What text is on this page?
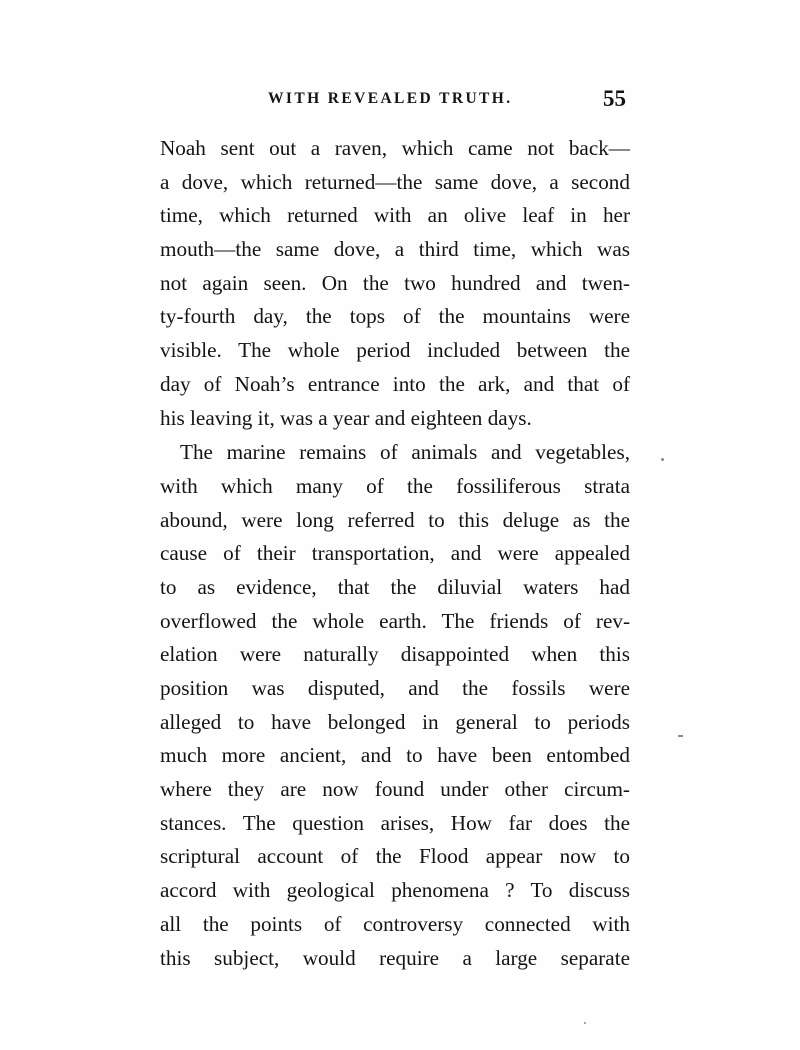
WITH REVEALED TRUTH.	55
Noah sent out a raven, which came not back—
a dove, which returned—the same dove, a second
time, which returned with an olive leaf in her
mouth—the same dove, a third time, which was
not again seen. On the two hundred and twen-
ty-fourth day, the tops of the mountains were
visible. The whole period included between the
day of Noah’s entrance into the ark, and that of
his leaving it, was a year and eighteen days.
The marine remains of animals and vegetables,
with which many of the fossiliferous strata
abound, were long referred to this deluge as the
cause of their transportation, and were appealed
to as evidence, that the diluvial waters had
overflowed the whole earth. The friends of rev-
elation were naturally disappointed when this
position was disputed, and the fossils were
alleged to have belonged in general to periods
much more ancient, and to have been entombed
where they are now found under other circum-
stances. The question arises, How far does the
scriptural account of the Flood appear now to
accord with geological phenomena ? To discuss
all the points of controversy connected with
this subject, would require a large separate
